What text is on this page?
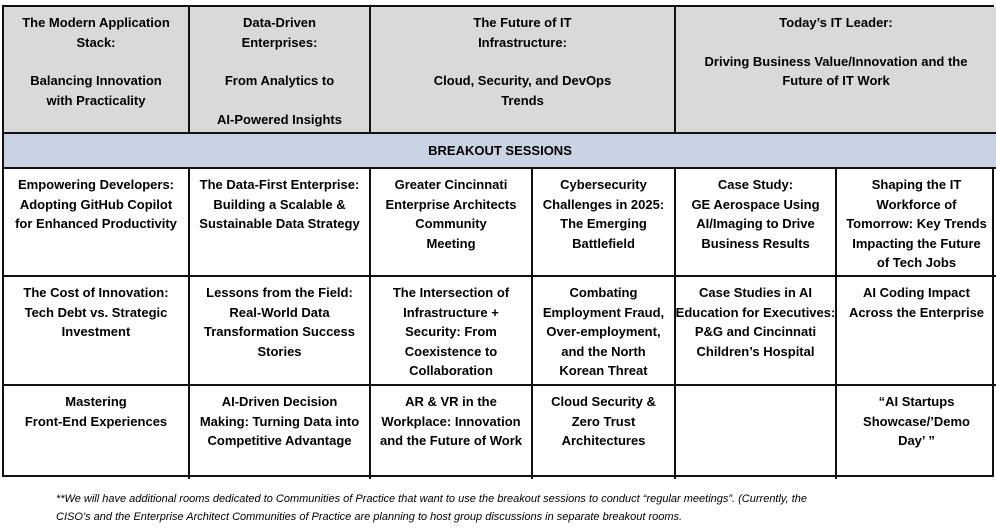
The Modern Application
Stack:
Balancing Innovation
with Practicality
Data-Driven
Enterprises:
From Analytics to
AI-Powered Insights
The Future of IT
Infrastructure:
Cloud, Security, and DevOps
Trends
Today’s IT Leader:
Driving Business Value/Innovation and the
Future of IT Work
BREAKOUT SESSIONS
Empowering Developers:
Adopting GitHub Copilot
for Enhanced Productivity
The Data-First Enterprise:
Building a Scalable &
Sustainable Data Strategy
Greater Cincinnati
Enterprise Architects
Community
Meeting
Cybersecurity
Challenges in 2025:
The Emerging
Battlefield
Case Study:
GE Aerospace Using
AI/Imaging to Drive
Business Results
Shaping the IT
Workforce of
Tomorrow: Key Trends
Impacting the Future
of Tech Jobs
The Cost of Innovation:
Tech Debt vs. Strategic
Investment
Lessons from the Field:
Real-World Data
Transformation Success
Stories
The Intersection of
Infrastructure +
Security: From
Coexistence to
Collaboration
Combating
Employment Fraud,
Over-employment,
and the North
Korean Threat
Case Studies in AI
Education for Executives:
P&G and Cincinnati
Children’s Hospital
AI Coding Impact
Across the Enterprise
Mastering
Front-End Experiences
AI-Driven Decision
Making: Turning Data into
Competitive Advantage
AR & VR in the
Workplace: Innovation
and the Future of Work
Cloud Security &
Zero Trust
Architectures
“AI Startups
Showcase/’Demo
Day’ ”
**We will have additional rooms dedicated to Communities of Practice that want to use the breakout sessions to conduct “regular meetings”. (Currently, the
CISO’s and the Enterprise Architect Communities of Practice are planning to host group discussions in separate breakout rooms.
